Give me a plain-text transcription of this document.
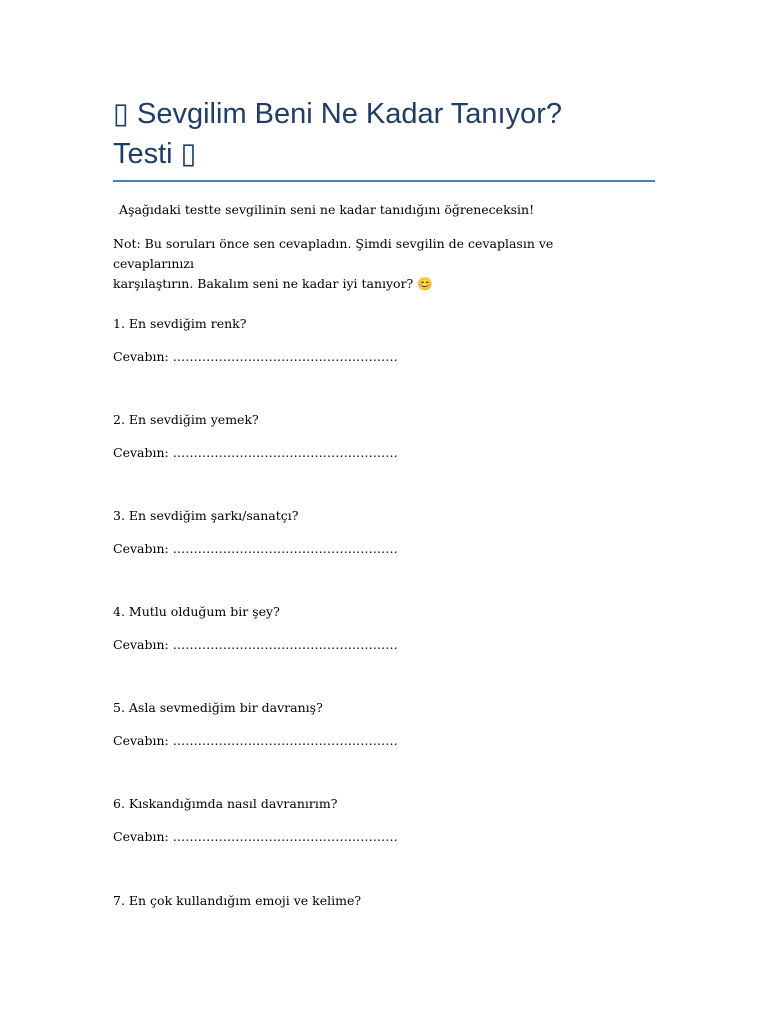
▯ Sevgilim Beni Ne Kadar Tanıyor?
Testi ▯

Aşağıdaki testte sevgilinin seni ne kadar tanıdığını öğreneceksin!

Not: Bu soruları önce sen cevapladın. Şimdi sevgilin de cevaplasın ve cevaplarınızı
karşılaştırın. Bakalım seni ne kadar iyi tanıyor? 😊

1. En sevdiğim renk?

Cevabın: ………………………………………………

2. En sevdiğim yemek?

Cevabın: ………………………………………………

3. En sevdiğim şarkı/sanatçı?

Cevabın: ………………………………………………

4. Mutlu olduğum bir şey?

Cevabın: ………………………………………………

5. Asla sevmediğim bir davranış?

Cevabın: ………………………………………………

6. Kıskandığımda nasıl davranırım?

Cevabın: ………………………………………………

7. En çok kullandığım emoji ve kelime?
